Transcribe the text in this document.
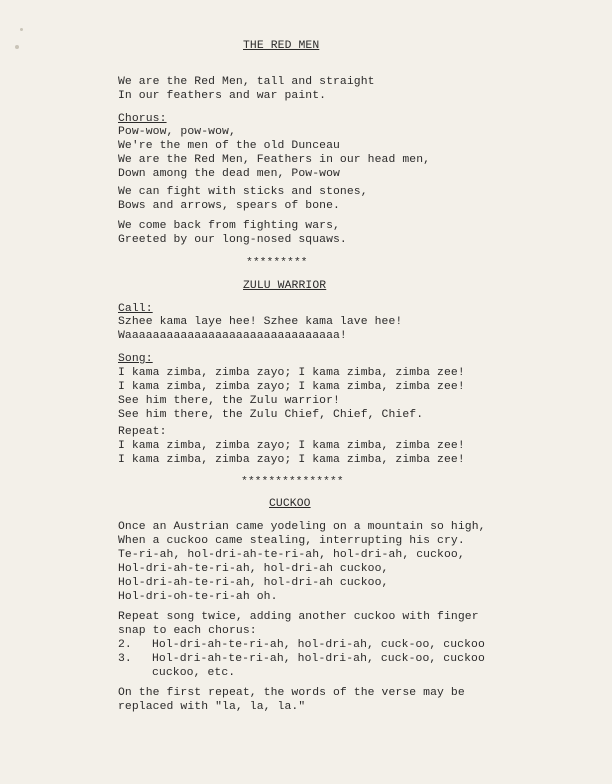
THE RED MEN
We are the Red Men, tall and straight
In our feathers and war paint.
Chorus:
Pow-wow, pow-wow,
We're the men of the old Dunceau
We are the Red Men, Feathers in our head men,
Down among the dead men, Pow-wow
We can fight with sticks and stones,
Bows and arrows, spears of bone.
We come back from fighting wars,
Greeted by our long-nosed squaws.
*********
ZULU WARRIOR
Call:
Szhee kama laye hee! Szhee kama lave hee!
Waaaaaaaaaaaaaaaaaaaaaaaaaaaaaaa!
Song:
I kama zimba, zimba zayo; I kama zimba, zimba zee!
I kama zimba, zimba zayo; I kama zimba, zimba zee!
See him there, the Zulu warrior!
See him there, the Zulu Chief, Chief, Chief.
Repeat:
I kama zimba, zimba zayo; I kama zimba, zimba zee!
I kama zimba, zimba zayo; I kama zimba, zimba zee!
***************
CUCKOO
Once an Austrian came yodeling on a mountain so high,
When a cuckoo came stealing, interrupting his cry.
Te-ri-ah, hol-dri-ah-te-ri-ah, hol-dri-ah, cuckoo,
Hol-dri-ah-te-ri-ah, hol-dri-ah cuckoo,
Hol-dri-ah-te-ri-ah, hol-dri-ah cuckoo,
Hol-dri-oh-te-ri-ah oh.
Repeat song twice, adding another cuckoo with finger
snap to each chorus:
2. Hol-dri-ah-te-ri-ah, hol-dri-ah, cuck-oo, cuckoo
3. Hol-dri-ah-te-ri-ah, hol-dri-ah, cuck-oo, cuckoo
cuckoo, etc.
On the first repeat, the words of the verse may be
replaced with "la, la, la."
